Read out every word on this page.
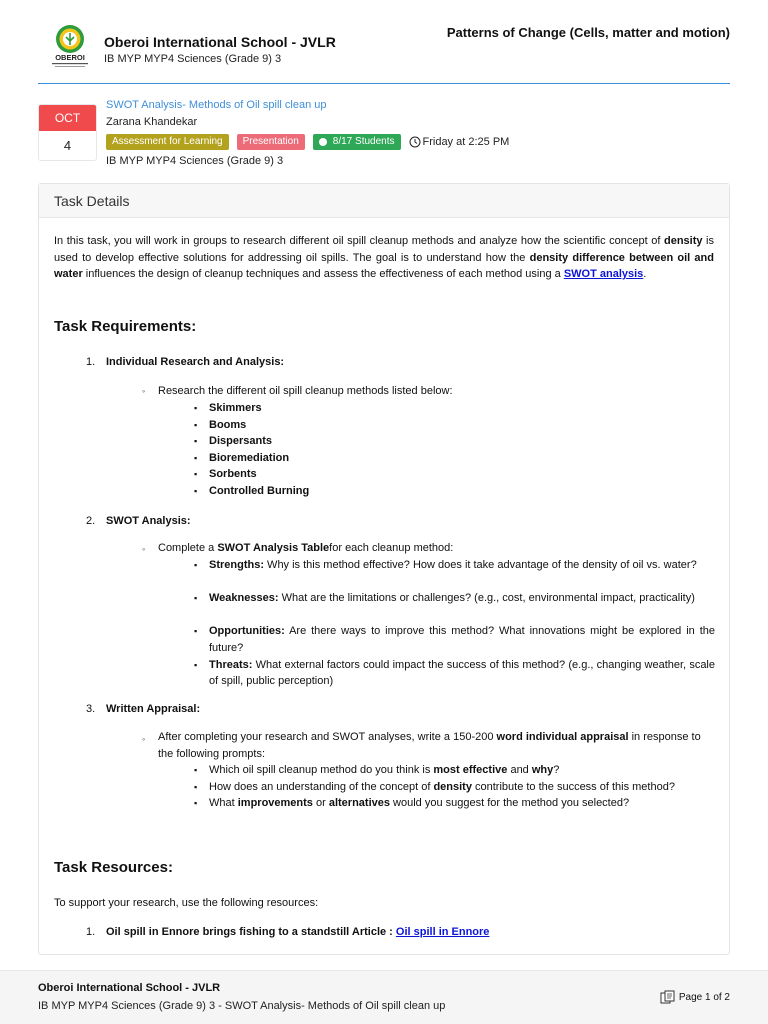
OBEROI
Oberoi International School - JVLR
IB MYP MYP4 Sciences (Grade 9) 3
Patterns of Change (Cells, matter and motion)
OCT
4
SWOT Analysis- Methods of Oil spill clean up
Zarana Khandekar
Assessment for Learning	Presentation	8/17 Students	Friday at 2:25 PM
IB MYP MYP4 Sciences (Grade 9) 3
Task Details
In this task, you will work in groups to research different oil spill cleanup methods and analyze how the scientific concept of density is used to develop effective solutions for addressing oil spills. The goal is to understand how the density difference between oil and water influences the design of cleanup techniques and assess the effectiveness of each method using a SWOT analysis.
Task Requirements:
1. Individual Research and Analysis:
◦ Research the different oil spill cleanup methods listed below:
▪ Skimmers
▪ Booms
▪ Dispersants
▪ Bioremediation
▪ Sorbents
▪ Controlled Burning
2. SWOT Analysis:
◦ Complete a SWOT Analysis Tablefor each cleanup method:
▪ Strengths: Why is this method effective? How does it take advantage of the density of oil vs. water?
▪ Weaknesses: What are the limitations or challenges? (e.g., cost, environmental impact, practicality)
▪ Opportunities: Are there ways to improve this method? What innovations might be explored in the future?
▪ Threats: What external factors could impact the success of this method? (e.g., changing weather, scale of spill, public perception)
3. Written Appraisal:
◦ After completing your research and SWOT analyses, write a 150-200 word individual appraisal in response to the following prompts:
▪ Which oil spill cleanup method do you think is most effective and why?
▪ How does an understanding of the concept of density contribute to the success of this method?
▪ What improvements or alternatives would you suggest for the method you selected?
Task Resources:
To support your research, use the following resources:
1. Oil spill in Ennore brings fishing to a standstill Article : Oil spill in Ennore
Oberoi International School - JVLR
IB MYP MYP4 Sciences (Grade 9) 3 - SWOT Analysis- Methods of Oil spill clean up
Page 1 of 2
